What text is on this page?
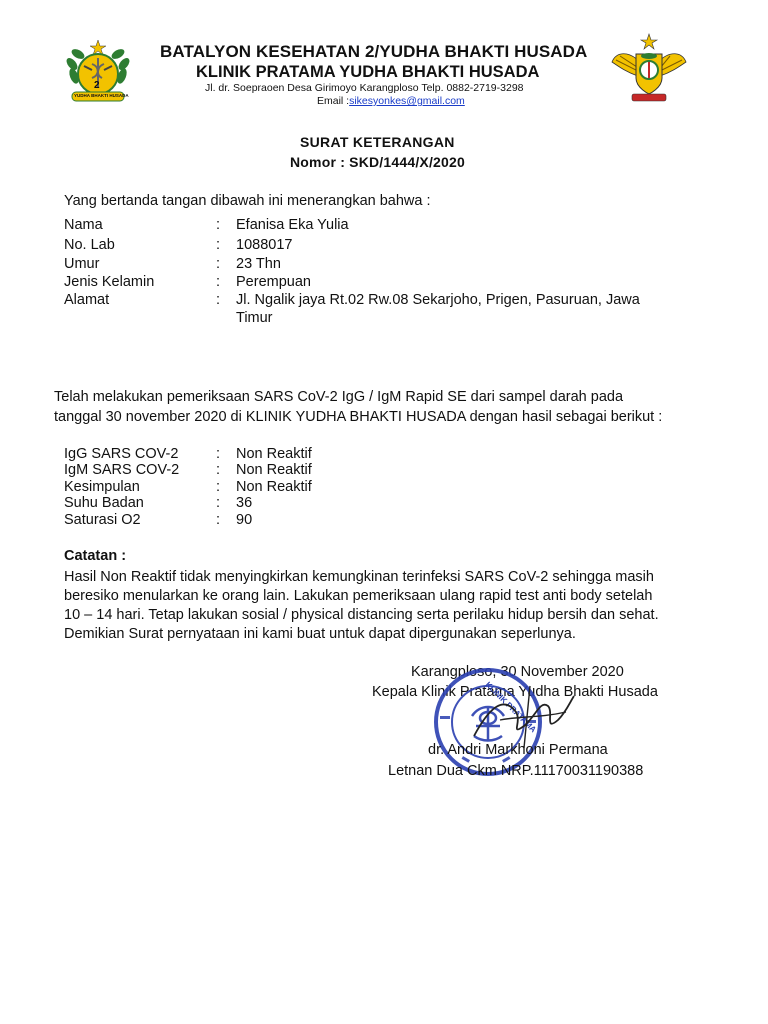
2
YUDHA BHAKTI HUSADA
BATALYON KESEHATAN 2/YUDHA BHAKTI HUSADA
KLINIK PRATAMA YUDHA BHAKTI HUSADA
Jl. dr. Soepraoen Desa Girimoyo Karangploso Telp. 0882-2719-3298
Email :sikesyonkes@gmail.com
SURAT KETERANGAN
Nomor : SKD/1444/X/2020
Yang bertanda tangan dibawah ini menerangkan bahwa :
Nama	: Efanisa Eka Yulia
No. Lab	: 1088017
Umur	: 23 Thn
Jenis Kelamin	: Perempuan
Alamat	: Jl. Ngalik jaya Rt.02 Rw.08 Sekarjoho, Prigen, Pasuruan, Jawa
Timur
Telah melakukan pemeriksaan SARS CoV-2 IgG / IgM Rapid SE dari sampel darah pada
tanggal 30 november 2020 di KLINIK YUDHA BHAKTI HUSADA dengan hasil sebagai berikut :
IgG SARS COV-2	: Non Reaktif
IgM SARS COV-2	: Non Reaktif
Kesimpulan	: Non Reaktif
Suhu Badan	: 36
Saturasi O2	: 90
Catatan :
Hasil Non Reaktif tidak menyingkirkan kemungkinan terinfeksi SARS CoV-2 sehingga masih
beresiko menularkan ke orang lain. Lakukan pemeriksaan ulang rapid test anti body setelah
10 – 14 hari. Tetap lakukan sosial / physical distancing serta perilaku hidup bersih dan sehat.
Demikian Surat pernyataan ini kami buat untuk dapat dipergunakan seperlunya.
Karangploso, 30 November 2020
Kepala Klinik Pratama Yudha Bhakti Husada
KLINIK PRATAMA
dr. Andri Markhoni Permana
Letnan Dua Ckm NRP.11170031190388
